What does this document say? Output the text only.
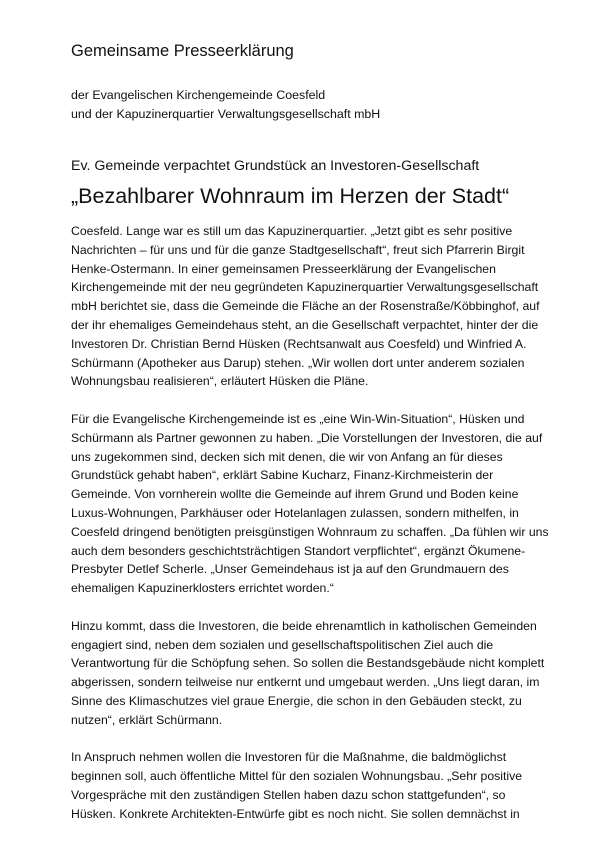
Gemeinsame Presseerklärung
der Evangelischen Kirchengemeinde Coesfeld
und der Kapuzinerquartier Verwaltungsgesellschaft mbH
Ev. Gemeinde verpachtet Grundstück an Investoren-Gesellschaft
„Bezahlbarer Wohnraum im Herzen der Stadt“
Coesfeld. Lange war es still um das Kapuzinerquartier. „Jetzt gibt es sehr positive
Nachrichten – für uns und für die ganze Stadtgesellschaft“, freut sich Pfarrerin Birgit
Henke-Ostermann. In einer gemeinsamen Presseerklärung der Evangelischen
Kirchengemeinde mit der neu gegründeten Kapuzinerquartier Verwaltungsgesellschaft
mbH berichtet sie, dass die Gemeinde die Fläche an der Rosenstraße/Köbbinghof, auf
der ihr ehemaliges Gemeindehaus steht, an die Gesellschaft verpachtet, hinter der die
Investoren Dr. Christian Bernd Hüsken (Rechtsanwalt aus Coesfeld) und Winfried A.
Schürmann (Apotheker aus Darup) stehen. „Wir wollen dort unter anderem sozialen
Wohnungsbau realisieren“, erläutert Hüsken die Pläne.
Für die Evangelische Kirchengemeinde ist es „eine Win-Win-Situation“, Hüsken und
Schürmann als Partner gewonnen zu haben. „Die Vorstellungen der Investoren, die auf
uns zugekommen sind, decken sich mit denen, die wir von Anfang an für dieses
Grundstück gehabt haben“, erklärt Sabine Kucharz, Finanz-Kirchmeisterin der
Gemeinde. Von vornherein wollte die Gemeinde auf ihrem Grund und Boden keine
Luxus-Wohnungen, Parkhäuser oder Hotelanlagen zulassen, sondern mithelfen, in
Coesfeld dringend benötigten preisgünstigen Wohnraum zu schaffen. „Da fühlen wir uns
auch dem besonders geschichtsträchtigen Standort verpflichtet“, ergänzt Ökumene-
Presbyter Detlef Scherle. „Unser Gemeindehaus ist ja auf den Grundmauern des
ehemaligen Kapuzinerklosters errichtet worden.“
Hinzu kommt, dass die Investoren, die beide ehrenamtlich in katholischen Gemeinden
engagiert sind, neben dem sozialen und gesellschaftspolitischen Ziel auch die
Verantwortung für die Schöpfung sehen. So sollen die Bestandsgebäude nicht komplett
abgerissen, sondern teilweise nur entkernt und umgebaut werden. „Uns liegt daran, im
Sinne des Klimaschutzes viel graue Energie, die schon in den Gebäuden steckt, zu
nutzen“, erklärt Schürmann.
In Anspruch nehmen wollen die Investoren für die Maßnahme, die baldmöglichst
beginnen soll, auch öffentliche Mittel für den sozialen Wohnungsbau. „Sehr positive
Vorgespräche mit den zuständigen Stellen haben dazu schon stattgefunden“, so
Hüsken. Konkrete Architekten-Entwürfe gibt es noch nicht. Sie sollen demnächst in
